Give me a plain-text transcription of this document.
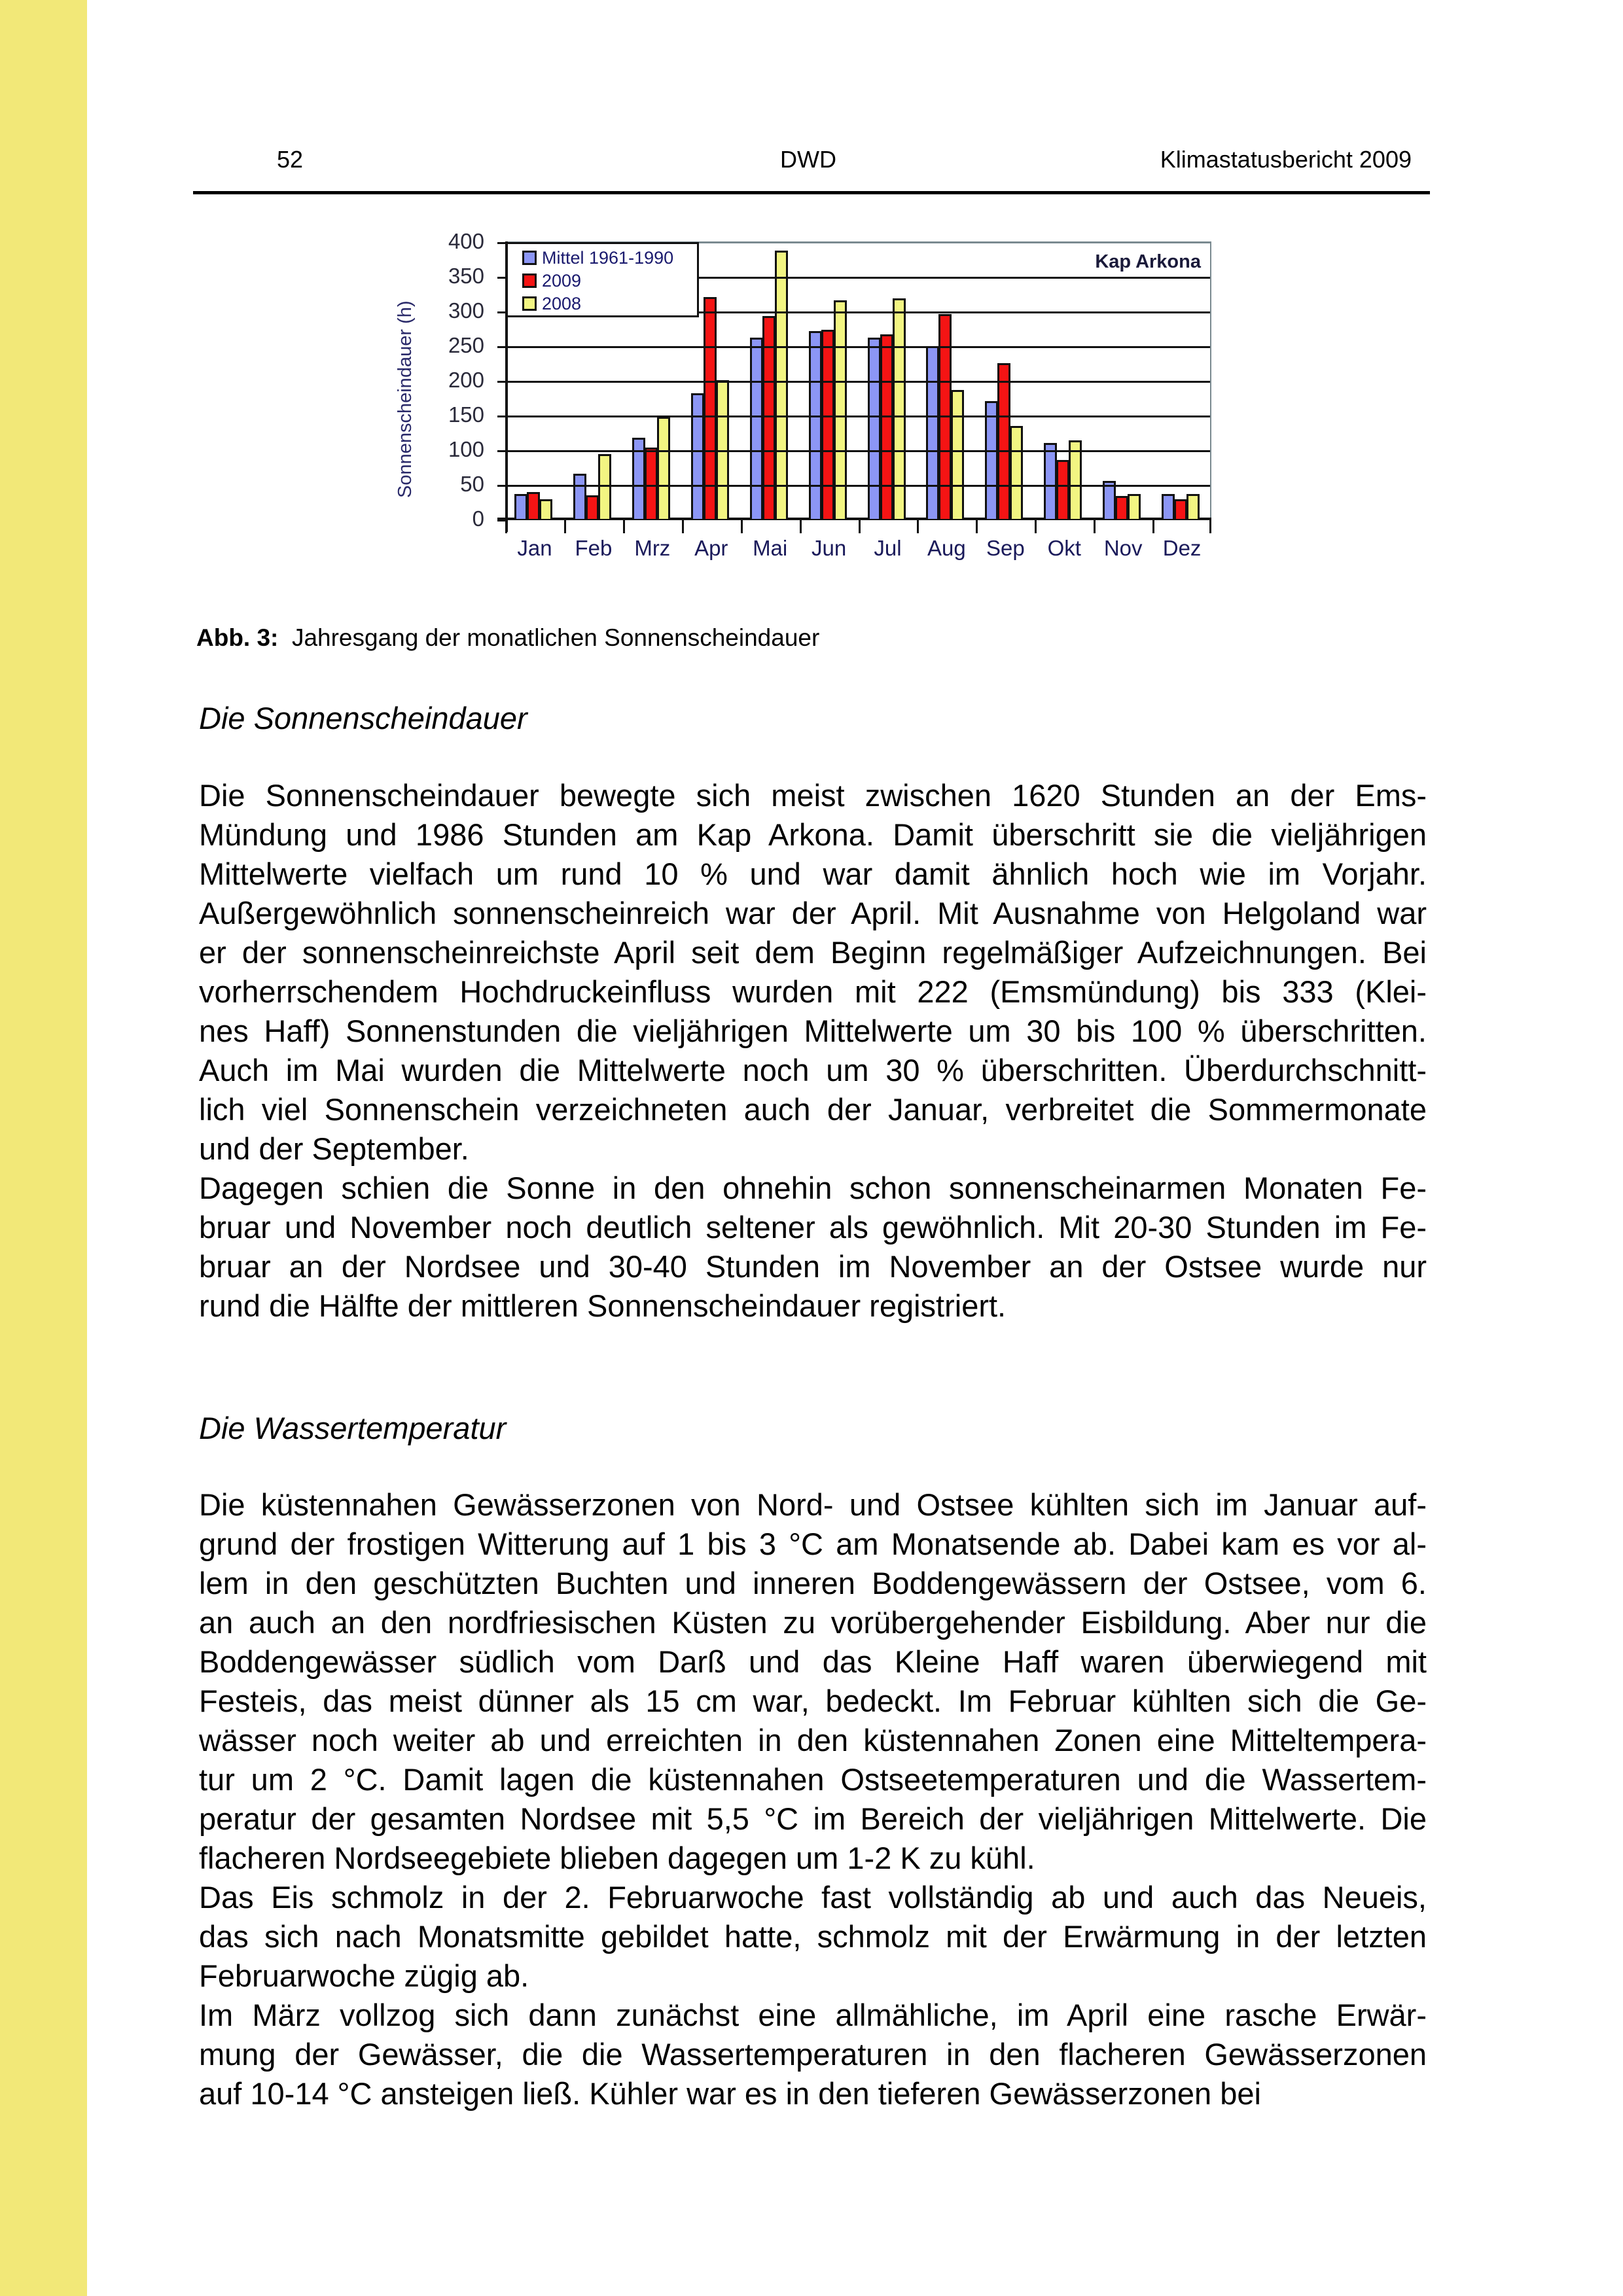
52	DWD	Klimastatusbericht 2009
Sonnenscheindauer (h)
0
50
100
150
200
250
300
350
400
Kap Arkona
Mittel 1961-1990
2009
2008
Jan	Feb	Mrz	Apr	Mai	Jun	Jul	Aug Sep	Okt	Nov Dez
Abb. 3: Jahresgang der monatlichen Sonnenscheindauer
Die Sonnenscheindauer
Die Sonnenscheindauer bewegte sich meist zwischen 1620 Stunden an der Ems-
Mündung und 1986 Stunden am Kap Arkona. Damit überschritt sie die vieljährigen
Mittelwerte vielfach um rund 10 % und war damit ähnlich hoch wie im Vorjahr.
Außergewöhnlich sonnenscheinreich war der April. Mit Ausnahme von Helgoland war
er der sonnenscheinreichste April seit dem Beginn regelmäßiger Aufzeichnungen. Bei
vorherrschendem Hochdruckeinfluss wurden mit 222 (Emsmündung) bis 333 (Klei-
nes Haff) Sonnenstunden die vieljährigen Mittelwerte um 30 bis 100 % überschritten.
Auch im Mai wurden die Mittelwerte noch um 30 % überschritten. Überdurchschnitt-
lich viel Sonnenschein verzeichneten auch der Januar, verbreitet die Sommermonate
und der September.
Dagegen schien die Sonne in den ohnehin schon sonnenscheinarmen Monaten Fe-
bruar und November noch deutlich seltener als gewöhnlich. Mit 20-30 Stunden im Fe-
bruar an der Nordsee und 30-40 Stunden im November an der Ostsee wurde nur
rund die Hälfte der mittleren Sonnenscheindauer registriert.
Die Wassertemperatur
Die küstennahen Gewässerzonen von Nord- und Ostsee kühlten sich im Januar auf-
grund der frostigen Witterung auf 1 bis 3 °C am Monatsende ab. Dabei kam es vor al-
lem in den geschützten Buchten und inneren Boddengewässern der Ostsee, vom 6.
an auch an den nordfriesischen Küsten zu vorübergehender Eisbildung. Aber nur die
Boddengewässer südlich vom Darß und das Kleine Haff waren überwiegend mit
Festeis, das meist dünner als 15 cm war, bedeckt. Im Februar kühlten sich die Ge-
wässer noch weiter ab und erreichten in den küstennahen Zonen eine Mitteltempera-
tur um 2 °C. Damit lagen die küstennahen Ostseetemperaturen und die Wassertem-
peratur der gesamten Nordsee mit 5,5 °C im Bereich der vieljährigen Mittelwerte. Die
flacheren Nordseegebiete blieben dagegen um 1-2 K zu kühl.
Das Eis schmolz in der 2. Februarwoche fast vollständig ab und auch das Neueis,
das sich nach Monatsmitte gebildet hatte, schmolz mit der Erwärmung in der letzten
Februarwoche zügig ab.
Im März vollzog sich dann zunächst eine allmähliche, im April eine rasche Erwär-
mung der Gewässer, die die Wassertemperaturen in den flacheren Gewässerzonen
auf 10-14 °C ansteigen ließ. Kühler war es in den tieferen Gewässerzonen bei
